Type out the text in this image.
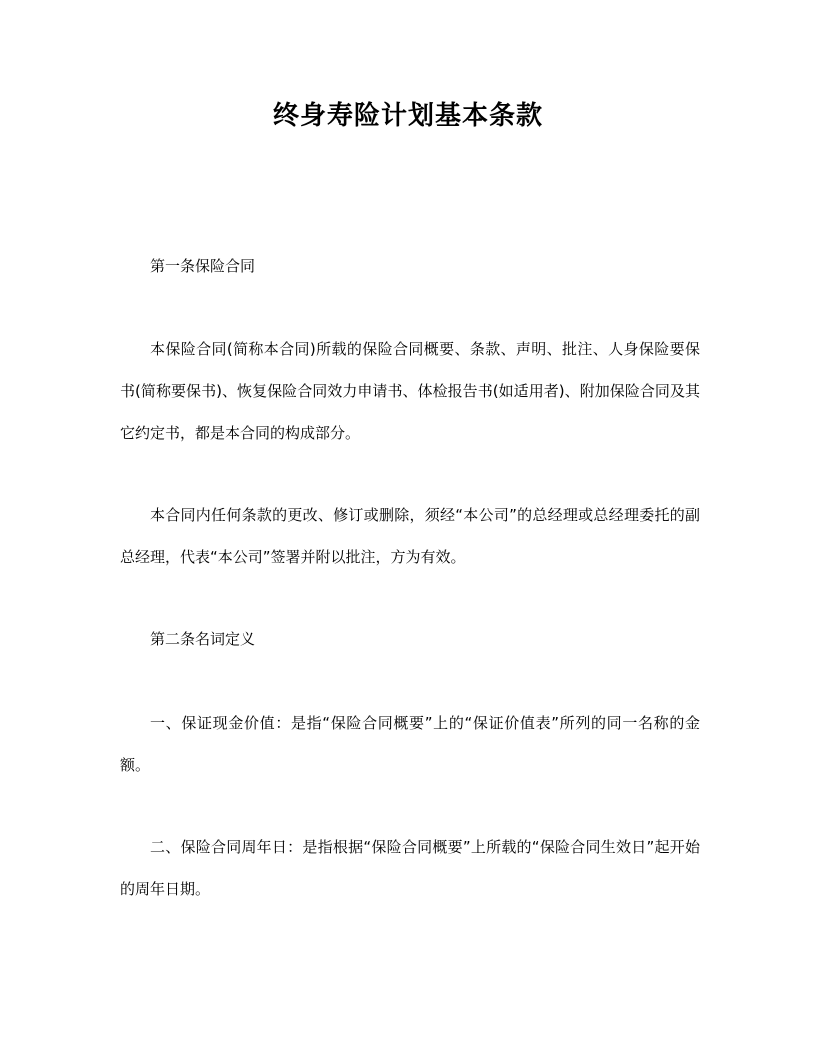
终身寿险计划基本条款
第一条保险合同
本保险合同(简称本合同)所载的保险合同概要、条款、声明、批注、人身保险要保书(简称要保书)、恢复保险合同效力申请书、体检报告书(如适用者)、附加保险合同及其它约定书，都是本合同的构成部分。
本合同内任何条款的更改、修订或删除，须经“本公司”的总经理或总经理委托的副总经理，代表“本公司”签署并附以批注，方为有效。
第二条名词定义
一、保证现金价值：是指“保险合同概要”上的“保证价值表”所列的同一名称的金额。
二、保险合同周年日：是指根据“保险合同概要”上所载的“保险合同生效日”起开始的周年日期。
